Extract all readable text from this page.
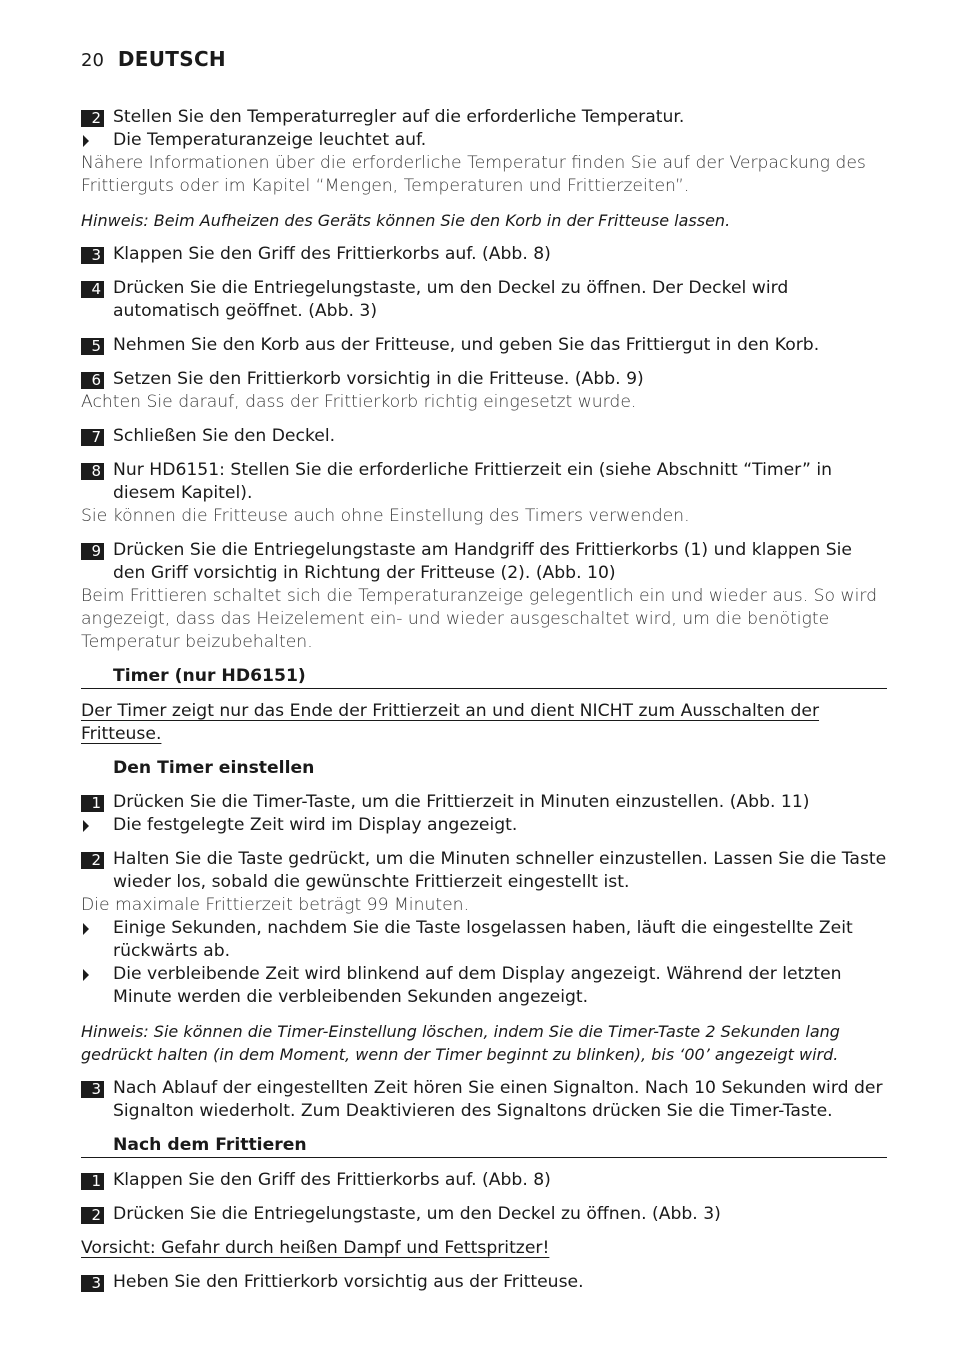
20 DEUTSCH
2 Stellen Sie den Temperaturregler auf die erforderliche Temperatur.
Die Temperaturanzeige leuchtet auf.
Nähere Informationen über die erforderliche Temperatur finden Sie auf der Verpackung des Frittierguts oder im Kapitel “Mengen, Temperaturen und Frittierzeiten”.
Hinweis: Beim Aufheizen des Geräts können Sie den Korb in der Fritteuse lassen.
3 Klappen Sie den Griff des Frittierkorbs auf. (Abb. 8)
4 Drücken Sie die Entriegelungstaste, um den Deckel zu öffnen. Der Deckel wird automatisch geöffnet. (Abb. 3)
5 Nehmen Sie den Korb aus der Fritteuse, und geben Sie das Frittiergut in den Korb.
6 Setzen Sie den Frittierkorb vorsichtig in die Fritteuse. (Abb. 9)
Achten Sie darauf, dass der Frittierkorb richtig eingesetzt wurde.
7 Schließen Sie den Deckel.
8 Nur HD6151: Stellen Sie die erforderliche Frittierzeit ein (siehe Abschnitt “Timer” in diesem Kapitel).
Sie können die Fritteuse auch ohne Einstellung des Timers verwenden.
9 Drücken Sie die Entriegelungstaste am Handgriff des Frittierkorbs (1) und klappen Sie den Griff vorsichtig in Richtung der Fritteuse (2). (Abb. 10)
Beim Frittieren schaltet sich die Temperaturanzeige gelegentlich ein und wieder aus. So wird angezeigt, dass das Heizelement ein- und wieder ausgeschaltet wird, um die benötigte Temperatur beizubehalten.
Timer (nur HD6151)
Der Timer zeigt nur das Ende der Frittierzeit an und dient NICHT zum Ausschalten der Fritteuse.
Den Timer einstellen
1 Drücken Sie die Timer-Taste, um die Frittierzeit in Minuten einzustellen. (Abb. 11)
Die festgelegte Zeit wird im Display angezeigt.
2 Halten Sie die Taste gedrückt, um die Minuten schneller einzustellen. Lassen Sie die Taste wieder los, sobald die gewünschte Frittierzeit eingestellt ist.
Die maximale Frittierzeit beträgt 99 Minuten.
Einige Sekunden, nachdem Sie die Taste losgelassen haben, läuft die eingestellte Zeit rückwärts ab.
Die verbleibende Zeit wird blinkend auf dem Display angezeigt. Während der letzten Minute werden die verbleibenden Sekunden angezeigt.
Hinweis: Sie können die Timer-Einstellung löschen, indem Sie die Timer-Taste 2 Sekunden lang gedrückt halten (in dem Moment, wenn der Timer beginnt zu blinken), bis ‘00’ angezeigt wird.
3 Nach Ablauf der eingestellten Zeit hören Sie einen Signalton. Nach 10 Sekunden wird der Signalton wiederholt. Zum Deaktivieren des Signaltons drücken Sie die Timer-Taste.
Nach dem Frittieren
1 Klappen Sie den Griff des Frittierkorbs auf. (Abb. 8)
2 Drücken Sie die Entriegelungstaste, um den Deckel zu öffnen. (Abb. 3)
Vorsicht: Gefahr durch heißen Dampf und Fettspritzer!
3 Heben Sie den Frittierkorb vorsichtig aus der Fritteuse.
